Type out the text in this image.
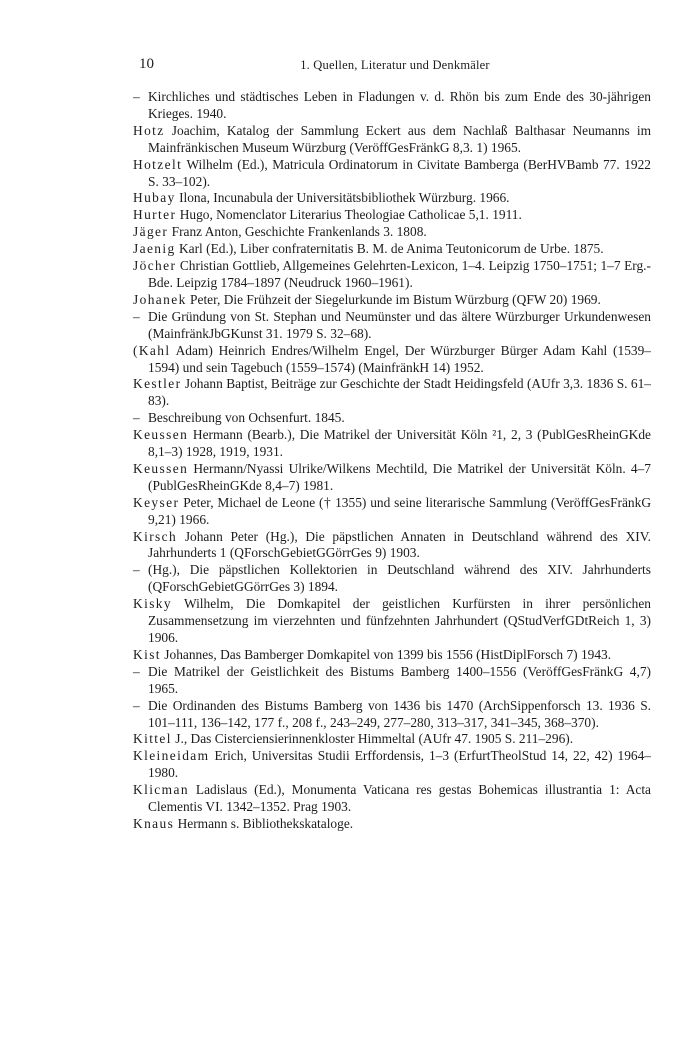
10	1. Quellen, Literatur und Denkmäler
– Kirchliches und städtisches Leben in Fladungen v. d. Rhön bis zum Ende des 30-jährigen Krieges. 1940.
Hotz Joachim, Katalog der Sammlung Eckert aus dem Nachlaß Balthasar Neumanns im Mainfränkischen Museum Würzburg (VeröffGesFränkG 8,3. 1) 1965.
Hotzelt Wilhelm (Ed.), Matricula Ordinatorum in Civitate Bamberga (BerHVBamb 77. 1922 S. 33–102).
Hubay Ilona, Incunabula der Universitätsbibliothek Würzburg. 1966.
Hurter Hugo, Nomenclator Literarius Theologiae Catholicae 5,1. 1911.
Jäger Franz Anton, Geschichte Frankenlands 3. 1808.
Jaenig Karl (Ed.), Liber confraternitatis B. M. de Anima Teutonicorum de Urbe. 1875.
Jöcher Christian Gottlieb, Allgemeines Gelehrten-Lexicon, 1–4. Leipzig 1750–1751; 1–7 Erg.-Bde. Leipzig 1784–1897 (Neudruck 1960–1961).
Johanek Peter, Die Frühzeit der Siegelurkunde im Bistum Würzburg (QFW 20) 1969.
– Die Gründung von St. Stephan und Neumünster und das ältere Würzburger Urkundenwesen (MainfränkJbGKunst 31. 1979 S. 32–68).
(Kahl Adam) Heinrich Endres/Wilhelm Engel, Der Würzburger Bürger Adam Kahl (1539–1594) und sein Tagebuch (1559–1574) (MainfränkH 14) 1952.
Kestler Johann Baptist, Beiträge zur Geschichte der Stadt Heidingsfeld (AUfr 3,3. 1836 S. 61–83).
– Beschreibung von Ochsenfurt. 1845.
Keussen Hermann (Bearb.), Die Matrikel der Universität Köln ²1, 2, 3 (PublGesRheinGKde 8,1–3) 1928, 1919, 1931.
Keussen Hermann/Nyassi Ulrike/Wilkens Mechtild, Die Matrikel der Universität Köln. 4–7 (PublGesRheinGKde 8,4–7) 1981.
Keyser Peter, Michael de Leone († 1355) und seine literarische Sammlung (VeröffGesFränkG 9,21) 1966.
Kirsch Johann Peter (Hg.), Die päpstlichen Annaten in Deutschland während des XIV. Jahrhunderts 1 (QForschGebietGGörrGes 9) 1903.
– (Hg.), Die päpstlichen Kollektorien in Deutschland während des XIV. Jahrhunderts (QForschGebietGGörrGes 3) 1894.
Kisky Wilhelm, Die Domkapitel der geistlichen Kurfürsten in ihrer persönlichen Zusammensetzung im vierzehnten und fünfzehnten Jahrhundert (QStudVerfGDtReich 1, 3) 1906.
Kist Johannes, Das Bamberger Domkapitel von 1399 bis 1556 (HistDiplForsch 7) 1943.
– Die Matrikel der Geistlichkeit des Bistums Bamberg 1400–1556 (VeröffGesFränkG 4,7) 1965.
– Die Ordinanden des Bistums Bamberg von 1436 bis 1470 (ArchSippenforsch 13. 1936 S. 101–111, 136–142, 177 f., 208 f., 243–249, 277–280, 313–317, 341–345, 368–370).
Kittel J., Das Cisterciensierinnenkloster Himmeltal (AUfr 47. 1905 S. 211–296).
Kleineidam Erich, Universitas Studii Erffordensis, 1–3 (ErfurtTheolStud 14, 22, 42) 1964–1980.
Klicman Ladislaus (Ed.), Monumenta Vaticana res gestas Bohemicas illustrantia 1: Acta Clementis VI. 1342–1352. Prag 1903.
Knaus Hermann s. Bibliothekskataloge.
